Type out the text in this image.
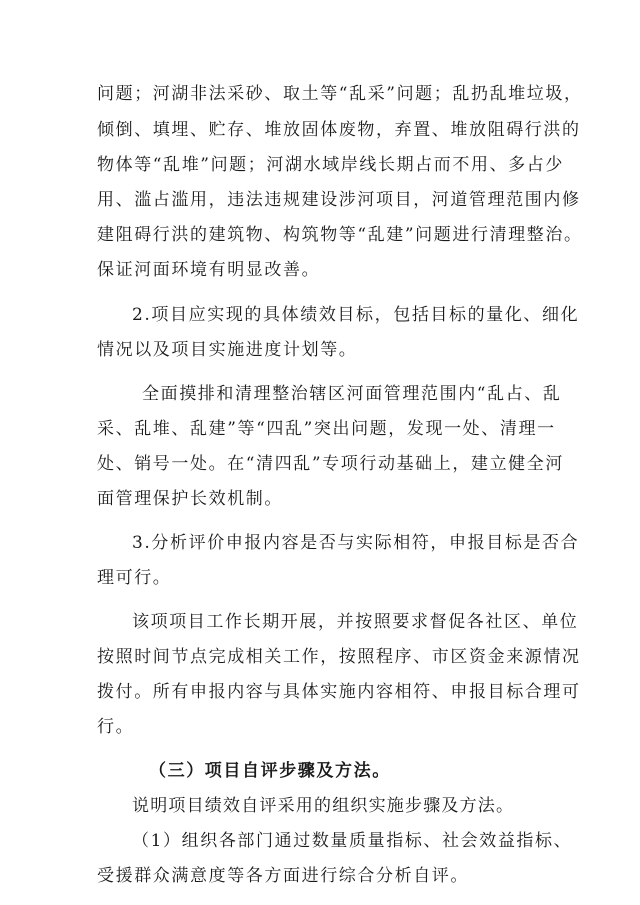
问题；河湖非法采砂、取土等“乱采”问题；乱扔乱堆垃圾，
倾倒、填埋、贮存、堆放固体废物，弃置、堆放阻碍行洪的
物体等“乱堆”问题；河湖水域岸线长期占而不用、多占少
用、滥占滥用，违法违规建设涉河项目，河道管理范围内修
建阻碍行洪的建筑物、构筑物等“乱建”问题进行清理整治。
保证河面环境有明显改善。
2.项目应实现的具体绩效目标，包括目标的量化、细化
情况以及项目实施进度计划等。
全面摸排和清理整治辖区河面管理范围内“乱占、乱
采、乱堆、乱建”等“四乱”突出问题，发现一处、清理一
处、销号一处。在“清四乱”专项行动基础上，建立健全河
面管理保护长效机制。
3.分析评价申报内容是否与实际相符，申报目标是否合
理可行。
该项项目工作长期开展，并按照要求督促各社区、单位
按照时间节点完成相关工作，按照程序、市区资金来源情况
拨付。所有申报内容与具体实施内容相符、申报目标合理可
行。
（三）项目自评步骤及方法。
说明项目绩效自评采用的组织实施步骤及方法。
（1）组织各部门通过数量质量指标、社会效益指标、
受援群众满意度等各方面进行综合分析自评。
